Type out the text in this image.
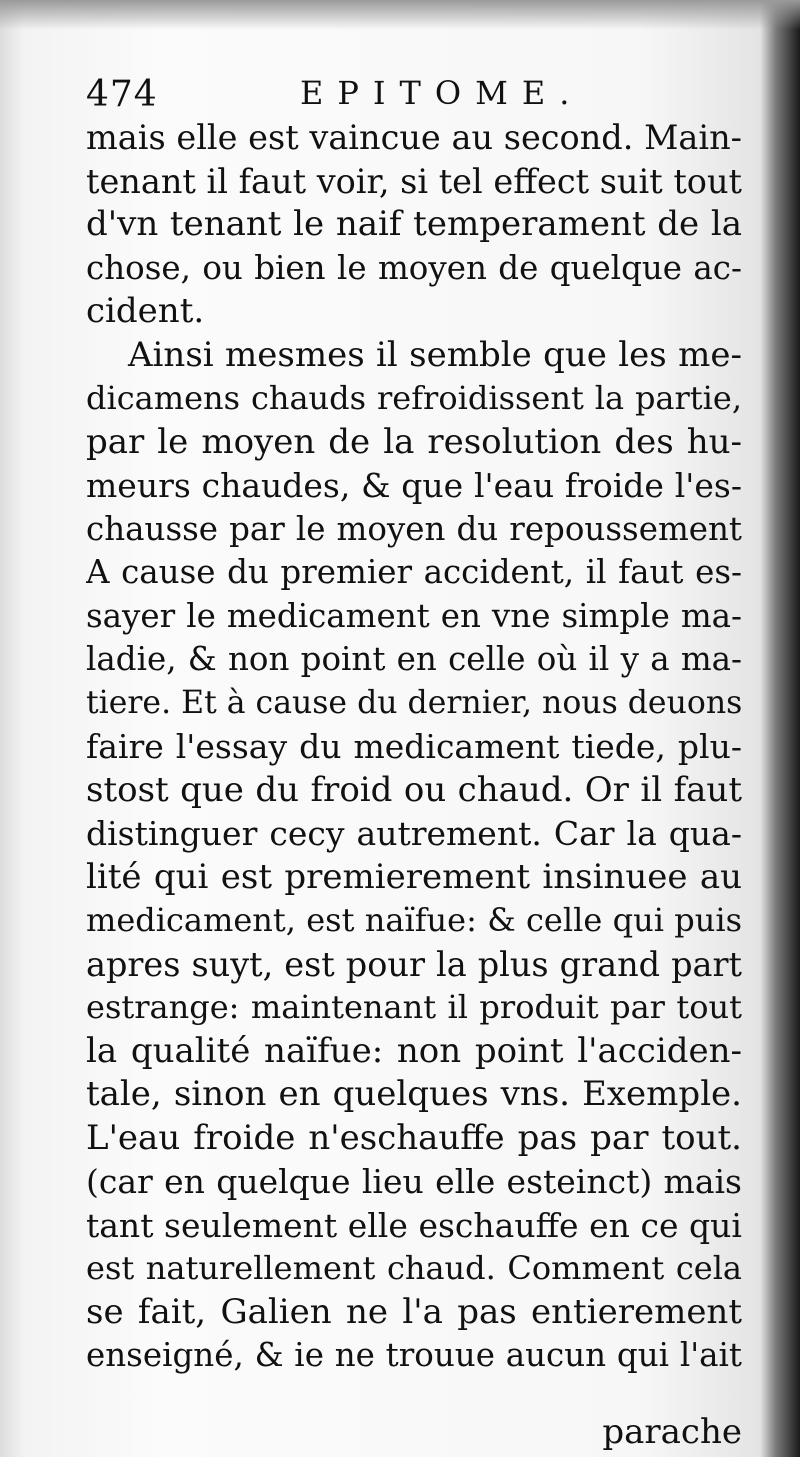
474	EPITOME.
mais elle est vaincue au second. Main-
tenant il faut voir, si tel effect suit tout
d'vn tenant le naif temperament de la
chose, ou bien le moyen de quelque ac-
cident.
Ainsi mesmes il semble que les me-
dicamens chauds refroidissent la partie,
par le moyen de la resolution des hu-
meurs chaudes, & que l'eau froide l'es-
chausse par le moyen du repoussement
A cause du premier accident, il faut es-
sayer le medicament en vne simple ma-
ladie, & non point en celle où il y a ma-
tiere. Et à cause du dernier, nous deuons
faire l'essay du medicament tiede, plu-
stost que du froid ou chaud. Or il faut
distinguer cecy autrement. Car la qua-
lité qui est premierement insinuee au
medicament, est naïfue: & celle qui puis
apres suyt, est pour la plus grand part
estrange: maintenant il produit par tout
la qualité naïfue: non point l'acciden-
tale, sinon en quelques vns. Exemple.
L'eau froide n'eschauffe pas par tout.
(car en quelque lieu elle esteinct) mais
tant seulement elle eschauffe en ce qui
est naturellement chaud. Comment cela
se fait, Galien ne l'a pas entierement
enseigné, & ie ne trouue aucun qui l'ait
parache
